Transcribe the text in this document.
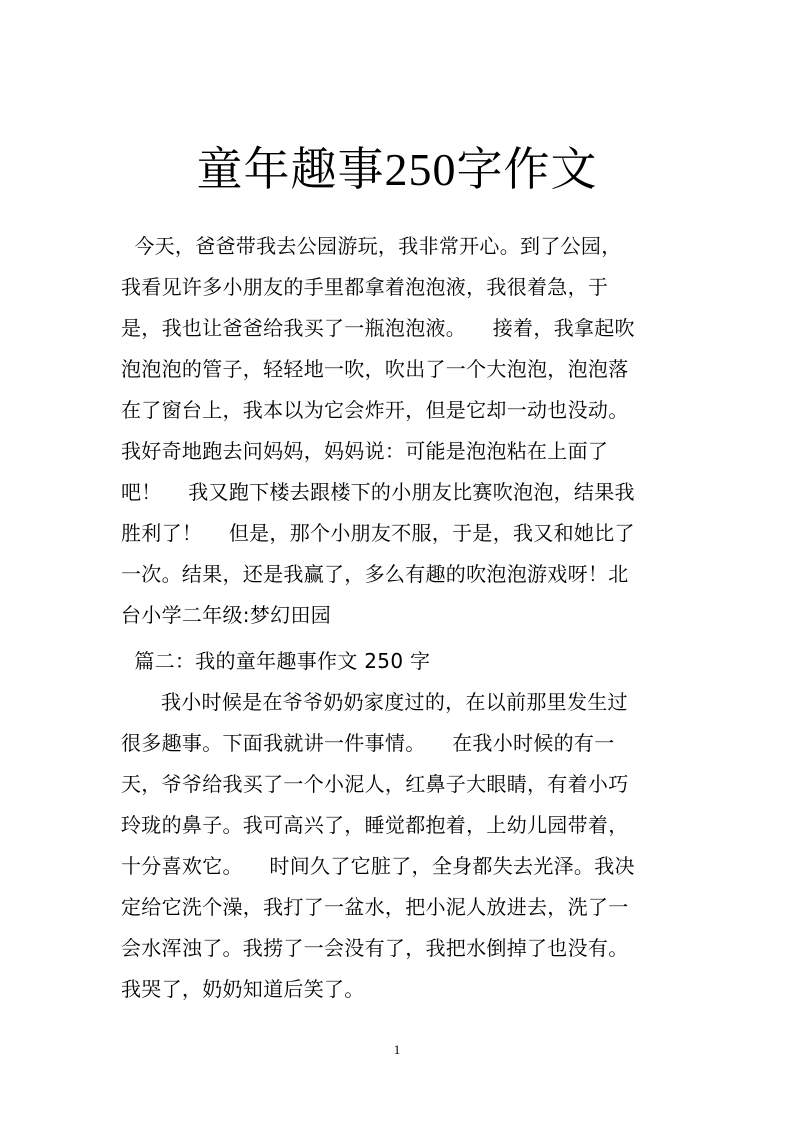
童年趣事250字作文
今天，爸爸带我去公园游玩，我非常开心。到了公园，
我看见许多小朋友的手里都拿着泡泡液，我很着急，于
是，我也让爸爸给我买了一瓶泡泡液。    接着，我拿起吹
泡泡泡的管子，轻轻地一吹，吹出了一个大泡泡，泡泡落
在了窗台上，我本以为它会炸开，但是它却一动也没动。
我好奇地跑去问妈妈，妈妈说：可能是泡泡粘在上面了
吧！    我又跑下楼去跟楼下的小朋友比赛吹泡泡，结果我
胜利了！    但是，那个小朋友不服，于是，我又和她比了
一次。结果，还是我赢了，多么有趣的吹泡泡游戏呀！北
台小学二年级:梦幻田园
篇二：我的童年趣事作文 250 字
我小时候是在爷爷奶奶家度过的，在以前那里发生过
很多趣事。下面我就讲一件事情。    在我小时候的有一
天，爷爷给我买了一个小泥人，红鼻子大眼睛，有着小巧
玲珑的鼻子。我可高兴了，睡觉都抱着，上幼儿园带着，
十分喜欢它。    时间久了它脏了，全身都失去光泽。我决
定给它洗个澡，我打了一盆水，把小泥人放进去，洗了一
会水浑浊了。我捞了一会没有了，我把水倒掉了也没有。
我哭了，奶奶知道后笑了。
1
